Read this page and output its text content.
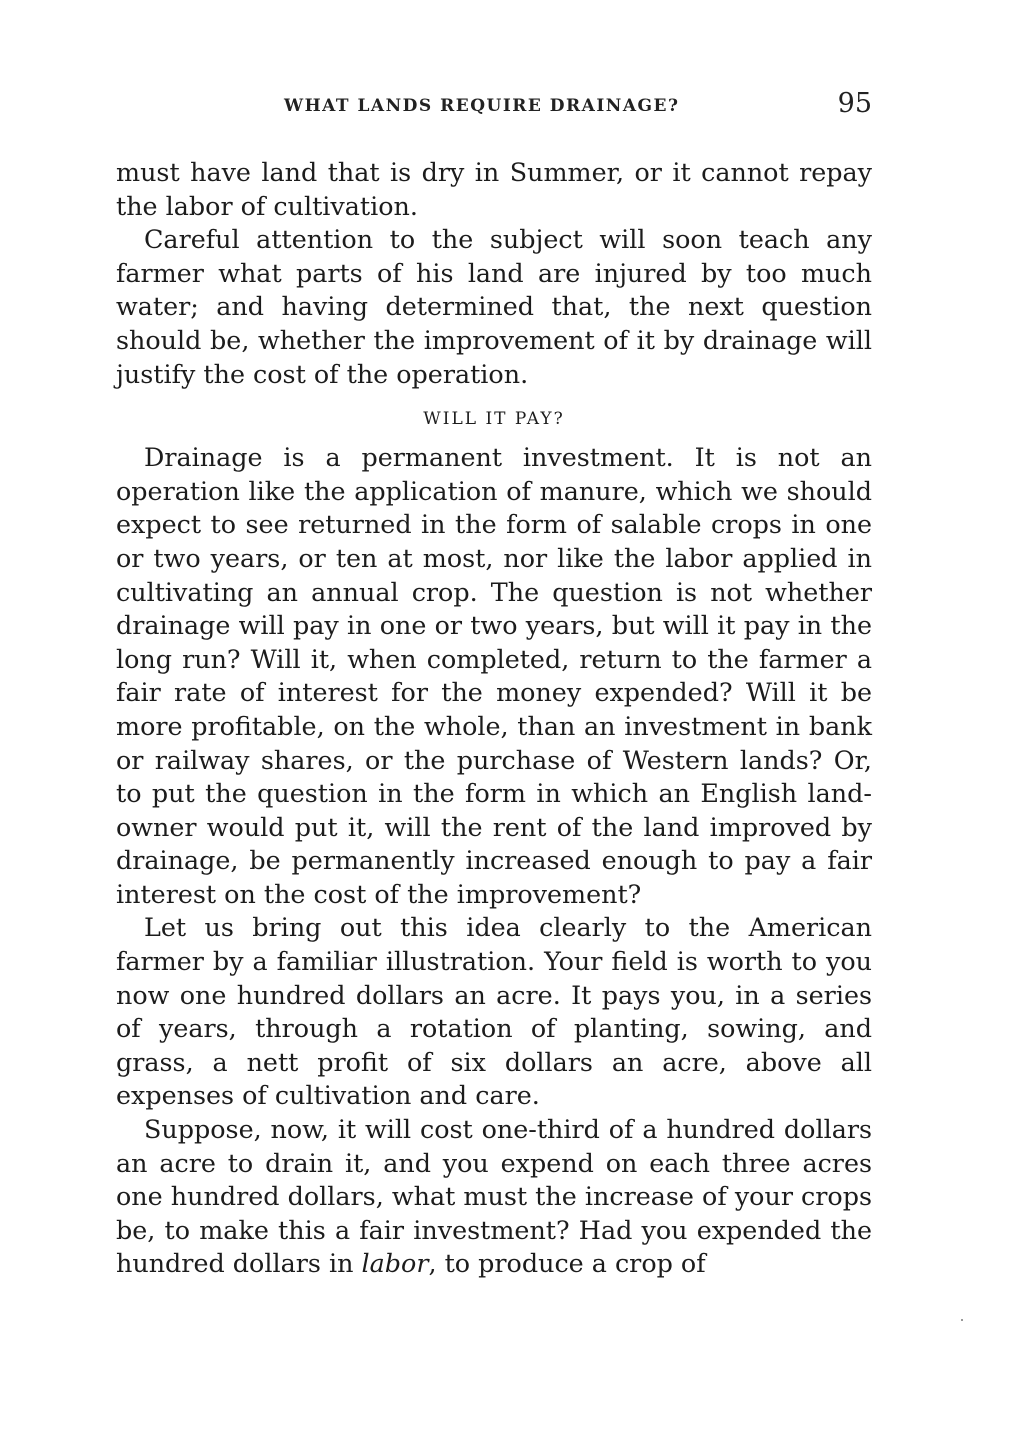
WHAT LANDS REQUIRE DRAINAGE?	95

must have land that is dry in Summer, or it cannot repay the labor of cultivation.

Careful attention to the subject will soon teach any farmer what parts of his land are injured by too much water; and having determined that, the next question should be, whether the improvement of it by drainage will justify the cost of the operation.

WILL IT PAY?

Drainage is a permanent investment. It is not an operation like the application of manure, which we should expect to see returned in the form of salable crops in one or two years, or ten at most, nor like the labor applied in cultivating an annual crop. The question is not whether drainage will pay in one or two years, but will it pay in the long run? Will it, when completed, return to the farmer a fair rate of interest for the money expended? Will it be more profitable, on the whole, than an investment in bank or railway shares, or the purchase of Western lands? Or, to put the question in the form in which an English land-owner would put it, will the rent of the land improved by drainage, be permanently increased enough to pay a fair interest on the cost of the improvement?

Let us bring out this idea clearly to the American farmer by a familiar illustration. Your field is worth to you now one hundred dollars an acre. It pays you, in a series of years, through a rotation of planting, sowing, and grass, a nett profit of six dollars an acre, above all expenses of cultivation and care.

Suppose, now, it will cost one-third of a hundred dollars an acre to drain it, and you expend on each three acres one hundred dollars, what must the increase of your crops be, to make this a fair investment? Had you expended the hundred dollars in labor, to produce a crop of
